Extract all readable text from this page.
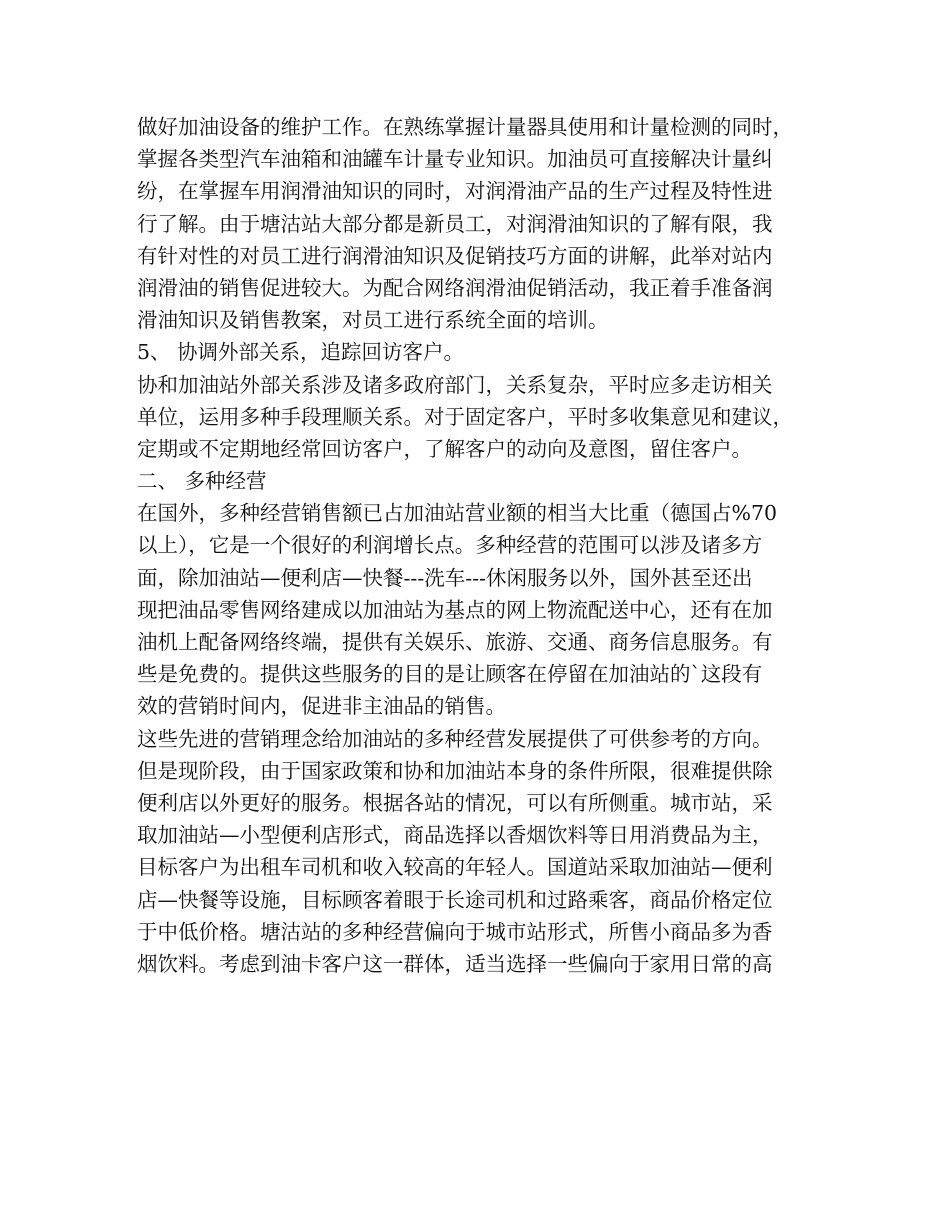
做好加油设备的维护工作。在熟练掌握计量器具使用和计量检测的同时，
掌握各类型汽车油箱和油罐车计量专业知识。加油员可直接解决计量纠
纷，在掌握车用润滑油知识的同时，对润滑油产品的生产过程及特性进
行了解。由于塘沽站大部分都是新员工，对润滑油知识的了解有限，我
有针对性的对员工进行润滑油知识及促销技巧方面的讲解，此举对站内
润滑油的销售促进较大。为配合网络润滑油促销活动，我正着手准备润
滑油知识及销售教案，对员工进行系统全面的培训。
5、 协调外部关系，追踪回访客户。
协和加油站外部关系涉及诸多政府部门，关系复杂，平时应多走访相关
单位，运用多种手段理顺关系。对于固定客户，平时多收集意见和建议，
定期或不定期地经常回访客户，了解客户的动向及意图，留住客户。
二、 多种经营
在国外，多种经营销售额已占加油站营业额的相当大比重（德国占%70
以上），它是一个很好的利润增长点。多种经营的范围可以涉及诸多方
面，除加油站—便利店—快餐---洗车---休闲服务以外，国外甚至还出
现把油品零售网络建成以加油站为基点的网上物流配送中心，还有在加
油机上配备网络终端，提供有关娱乐、旅游、交通、商务信息服务。有
些是免费的。提供这些服务的目的是让顾客在停留在加油站的`这段有
效的营销时间内，促进非主油品的销售。
这些先进的营销理念给加油站的多种经营发展提供了可供参考的方向。
但是现阶段，由于国家政策和协和加油站本身的条件所限，很难提供除
便利店以外更好的服务。根据各站的情况，可以有所侧重。城市站，采
取加油站—小型便利店形式，商品选择以香烟饮料等日用消费品为主，
目标客户为出租车司机和收入较高的年轻人。国道站采取加油站—便利
店—快餐等设施，目标顾客着眼于长途司机和过路乘客，商品价格定位
于中低价格。塘沽站的多种经营偏向于城市站形式，所售小商品多为香
烟饮料。考虑到油卡客户这一群体，适当选择一些偏向于家用日常的高
